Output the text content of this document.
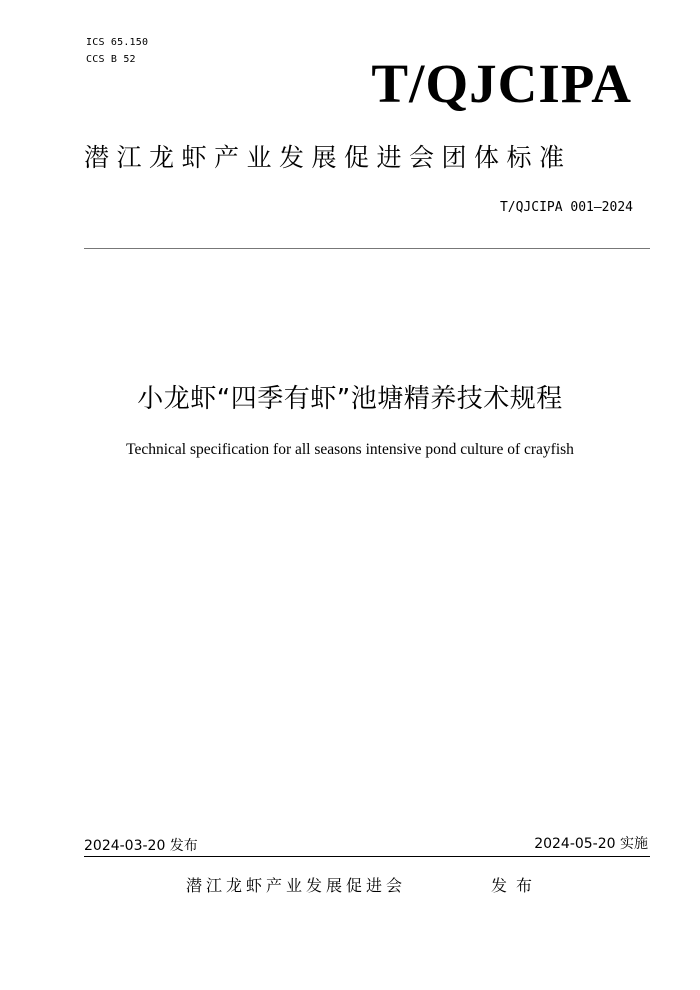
ICS 65.150
CCS B 52	T/QJCIPA
潜江龙虾产业发展促进会团体标准
T/QJCIPA 001—2024
小龙虾“四季有虾”池塘精养技术规程
Technical specification for all seasons intensive pond culture of crayfish
2024-03-20 发布	2024-05-20 实施
潜江龙虾产业发展促进会	发布
